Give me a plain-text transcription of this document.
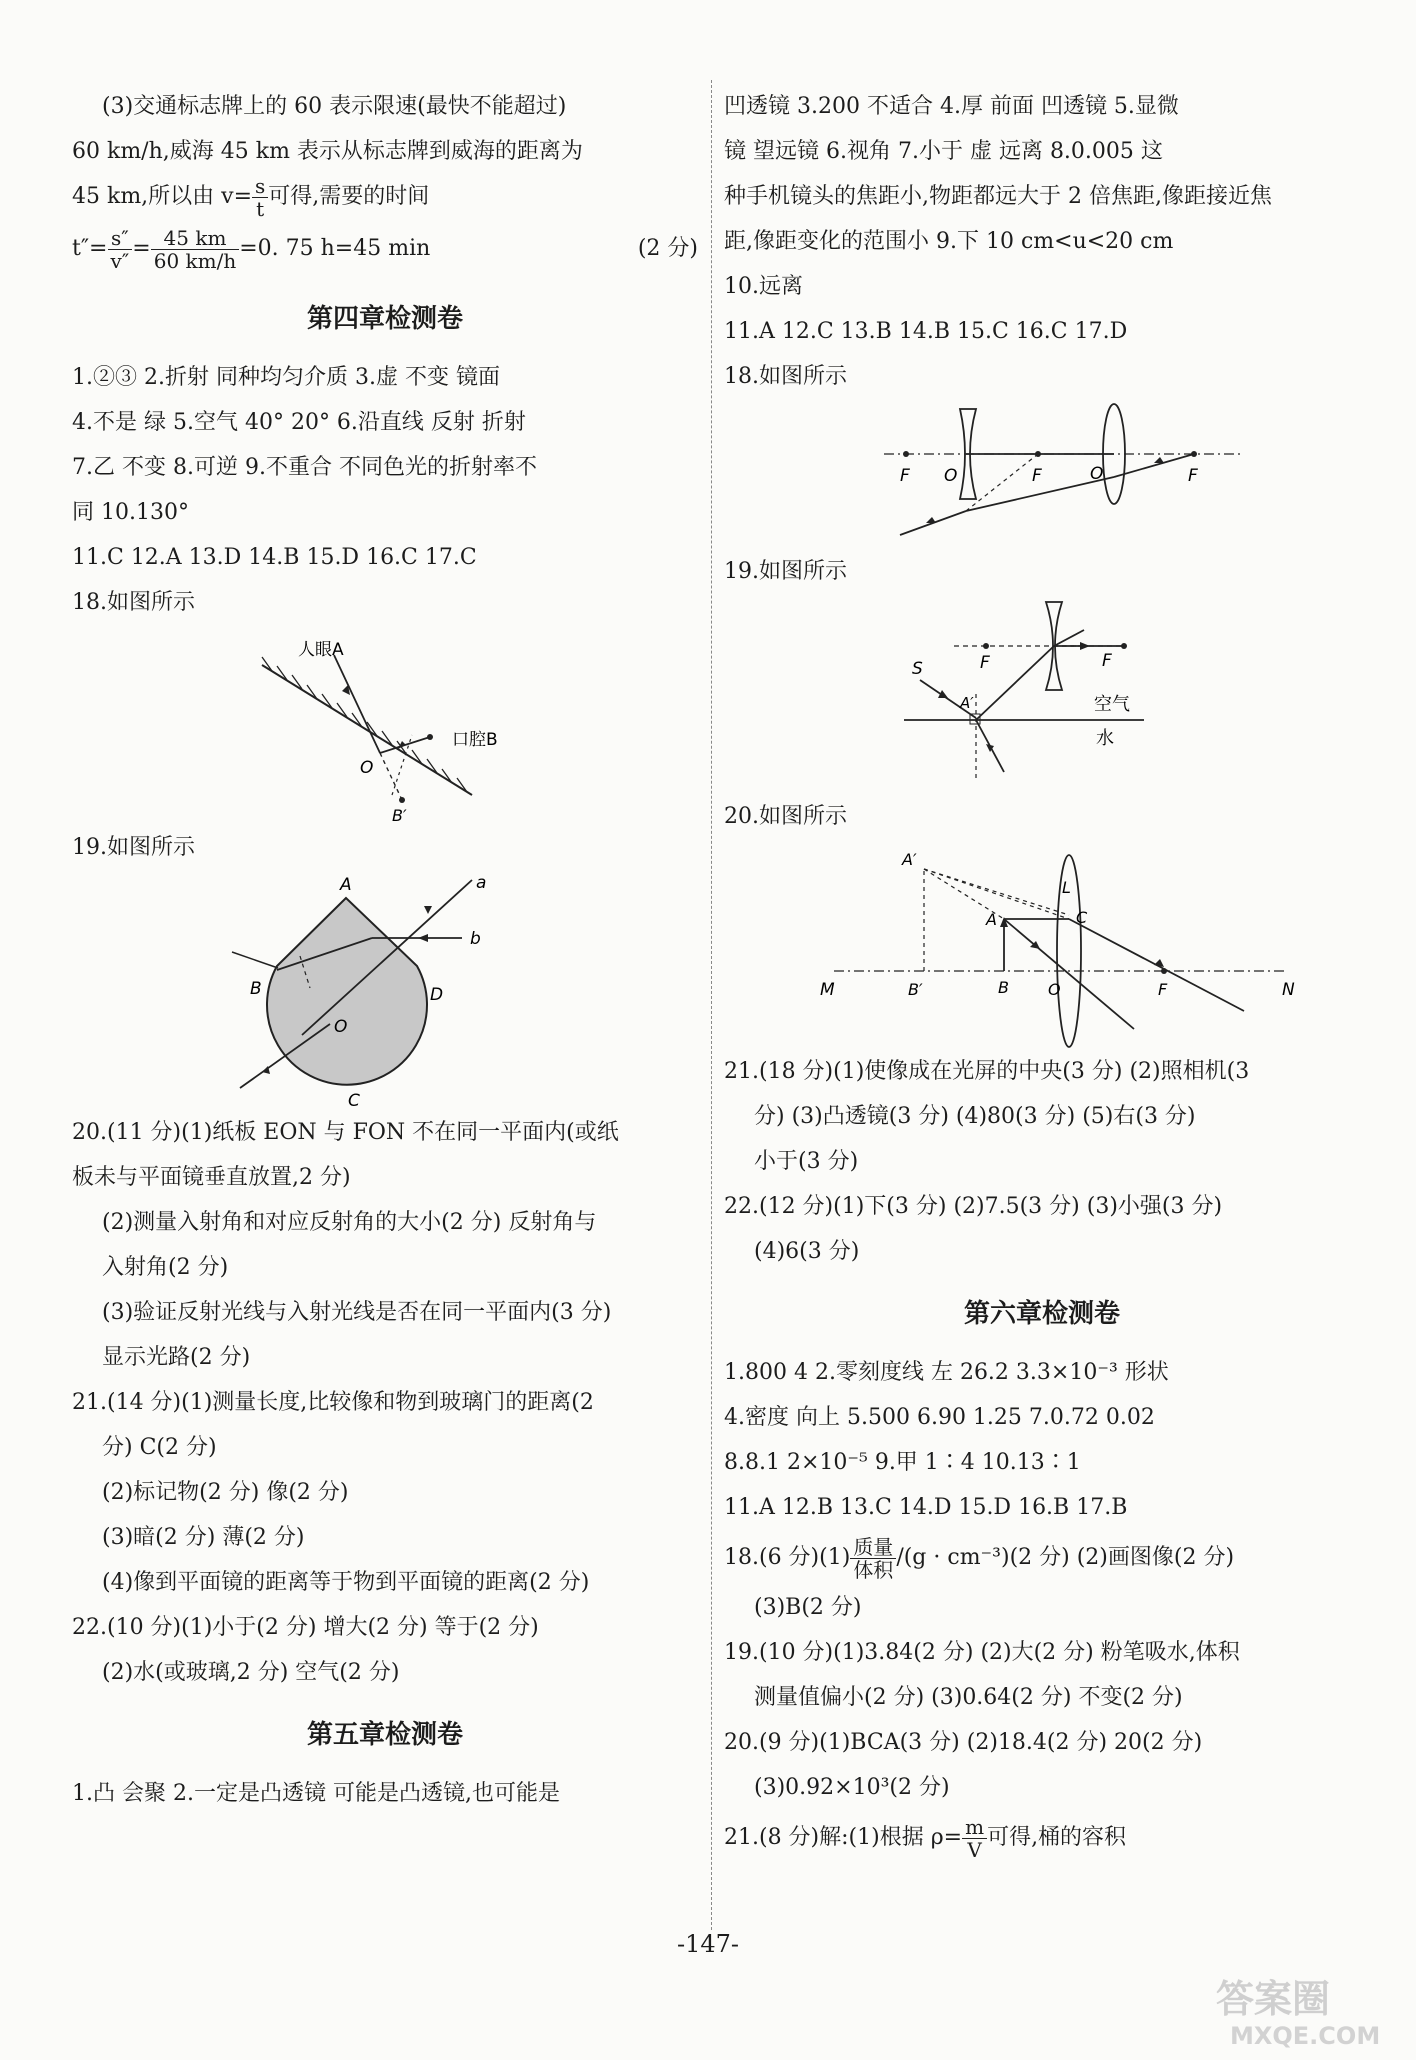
(3)交通标志牌上的 60 表示限速(最快不能超过)
60 km/h,威海 45 km 表示从标志牌到威海的距离为
45 km,所以由 $v= \frac{s}{t}$ 可得,需要的时间
$t''= \frac{s''}{v''} = \frac{45 km}{60 km/h} =0$. 75 h=45 min	(2 分)
第四章检测卷
1.②③ 2.折射 同种均匀介质 3.虚 不变 镜面
4.不是 绿 5.空气 40° 20° 6.沿直线 反射 折射
7.乙 不变 8.可逆 9.不重合 不同色光的折射率不
同 10.130°
11.C 12.A 13.D 14.B 15.D 16.C 17.C
18.如图所示
人眼A
口腔B
O
B′
19.如图所示
A	a
b
B	D
O
C
20.(11 分)(1)纸板 EON 与 FON 不在同一平面内(或纸
板未与平面镜垂直放置,2 分)
(2)测量入射角和对应反射角的大小(2 分) 反射角与
入射角(2 分)
(3)验证反射光线与入射光线是否在同一平面内(3 分)
显示光路(2 分)
21.(14 分)(1)测量长度,比较像和物到玻璃门的距离(2
分) C(2 分)
(2)标记物(2 分) 像(2 分)
(3)暗(2 分) 薄(2 分)
(4)像到平面镜的距离等于物到平面镜的距离(2 分)
22.(10 分)(1)小于(2 分) 增大(2 分) 等于(2 分)
(2)水(或玻璃,2 分) 空气(2 分)
第五章检测卷
1.凸 会聚 2.一定是凸透镜 可能是凸透镜,也可能是
凹透镜 3.200 不适合 4.厚 前面 凹透镜 5.显微
镜 望远镜 6.视角 7.小于 虚 远离 8.0.005 这
种手机镜头的焦距小,物距都远大于 2 倍焦距,像距接近焦
距,像距变化的范围小 9.下 10 cm<u<20 cm
10.远离
11.A 12.C 13.B 14.B 15.C 16.C 17.D
18.如图所示
F O	F	O	F
19.如图所示
S
A′
F	F
空气
水
20.如图所示
A′
A
L
C
M	B′	B O	F	N
21.(18 分)(1)使像成在光屏的中央(3 分) (2)照相机(3
分) (3)凸透镜(3 分) (4)80(3 分) (5)右(3 分)
小于(3 分)
22.(12 分)(1)下(3 分) (2)7.5(3 分) (3)小强(3 分)
(4)6(3 分)
第六章检测卷
1.800 4 2.零刻度线 左 26.2 3.3×10⁻³ 形状
4.密度 向上 5.500 6.90 1.25 7.0.72 0.02
8.8.1 2×10⁻⁵ 9.甲 1∶4 10.13∶1
11.A 12.B 13.C 14.D 15.D 16.B 17.B
18.(6 分)$(1) \frac{\text{质量}}{\text{体积}} /(g \cdot cm^{-3})(2$ 分) (2)画图像(2 分)
(3)B(2 分)
19.(10 分)(1)3.84(2 分) (2)大(2 分) 粉笔吸水,体积
测量值偏小(2 分) (3)0.64(2 分) 不变(2 分)
20.(9 分)(1)BCA(3 分) (2)18.4(2 分) 20(2 分)
(3)0.92×10³(2 分)
21.(8 分)解:(1)根据 $\rho= \frac{m}{V}$ 可得,桶的容积
-147-
答案圈
MXQE.COM
